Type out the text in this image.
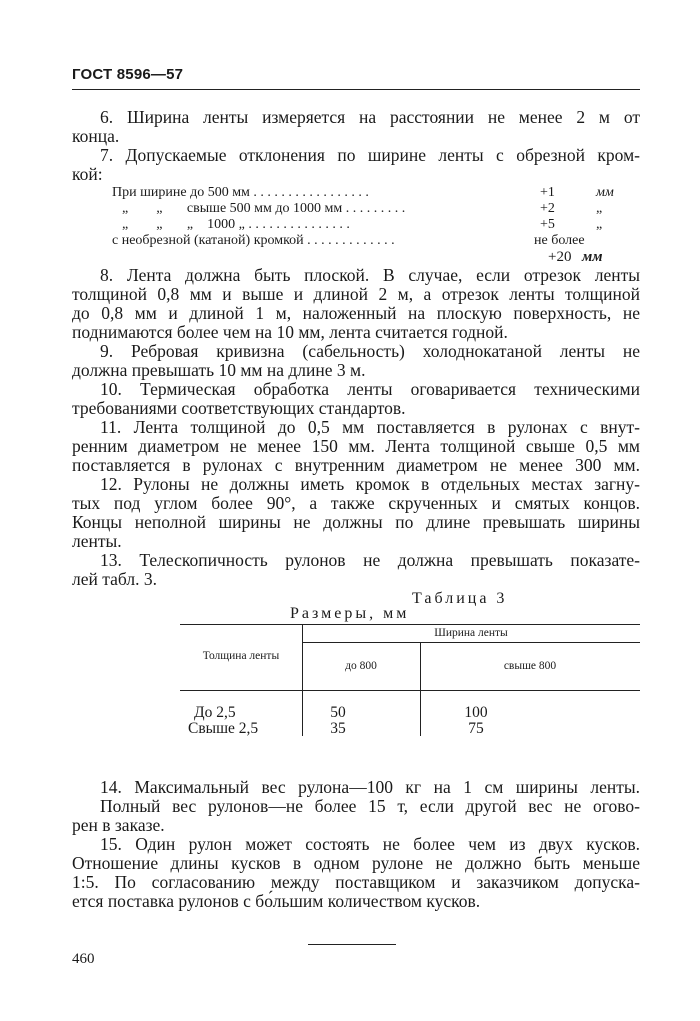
ГОСТ 8596—57
6. Ширина ленты измеряется на расстоянии не менее 2 м от
конца.
7. Допускаемые отклонения по ширине ленты с обрезной кром-
кой:
При ширине до 500 мм . . . . . . . . . . . . . . . . .	+1	мм
„        „       свыше 500 мм до 1000 мм . . . . . . . . .	+2	„
„        „       „    1000 „ . . . . . . . . . . . . . . .	+5	„
с необрезной (катаной) кромкой . . . . . . . . . . . . .	не более
+20 мм
8. Лента должна быть плоской. В случае, если отрезок ленты
толщиной 0,8 мм и выше и длиной 2 м, а отрезок ленты толщиной
до 0,8 мм и длиной 1 м, наложенный на плоскую поверхность, не
поднимаются более чем на 10 мм, лента считается годной.
9. Ребровая кривизна (сабельность) холоднокатаной ленты не
должна превышать 10 мм на длине 3 м.
10. Термическая обработка ленты оговаривается техническими
требованиями соответствующих стандартов.
11. Лента толщиной до 0,5 мм поставляется в рулонах с внут-
ренним диаметром не менее 150 мм. Лента толщиной свыше 0,5 мм
поставляется в рулонах с внутренним диаметром не менее 300 мм.
12. Рулоны не должны иметь кромок в отдельных местах загну-
тых под углом более 90°, а также скрученных и смятых концов.
Концы неполной ширины не должны по длине превышать ширины
ленты.
13. Телескопичность рулонов не должна превышать показате-
лей табл. 3.
Таблица 3
Размеры, мм
Толщина ленты
Ширина ленты
до 800	свыше 800
До 2,5	50	100
Свыше 2,5	35	75
14. Максимальный вес рулона—100 кг на 1 см ширины ленты.
Полный вес рулонов—не более 15 т, если другой вес не огово-
рен в заказе.
15. Один рулон может состоять не более чем из двух кусков.
Отношение длины кусков в одном рулоне не должно быть меньше
1:5. По согласованию между поставщиком и заказчиком допуска-
ется поставка рулонов с бо́льшим количеством кусков.
460
